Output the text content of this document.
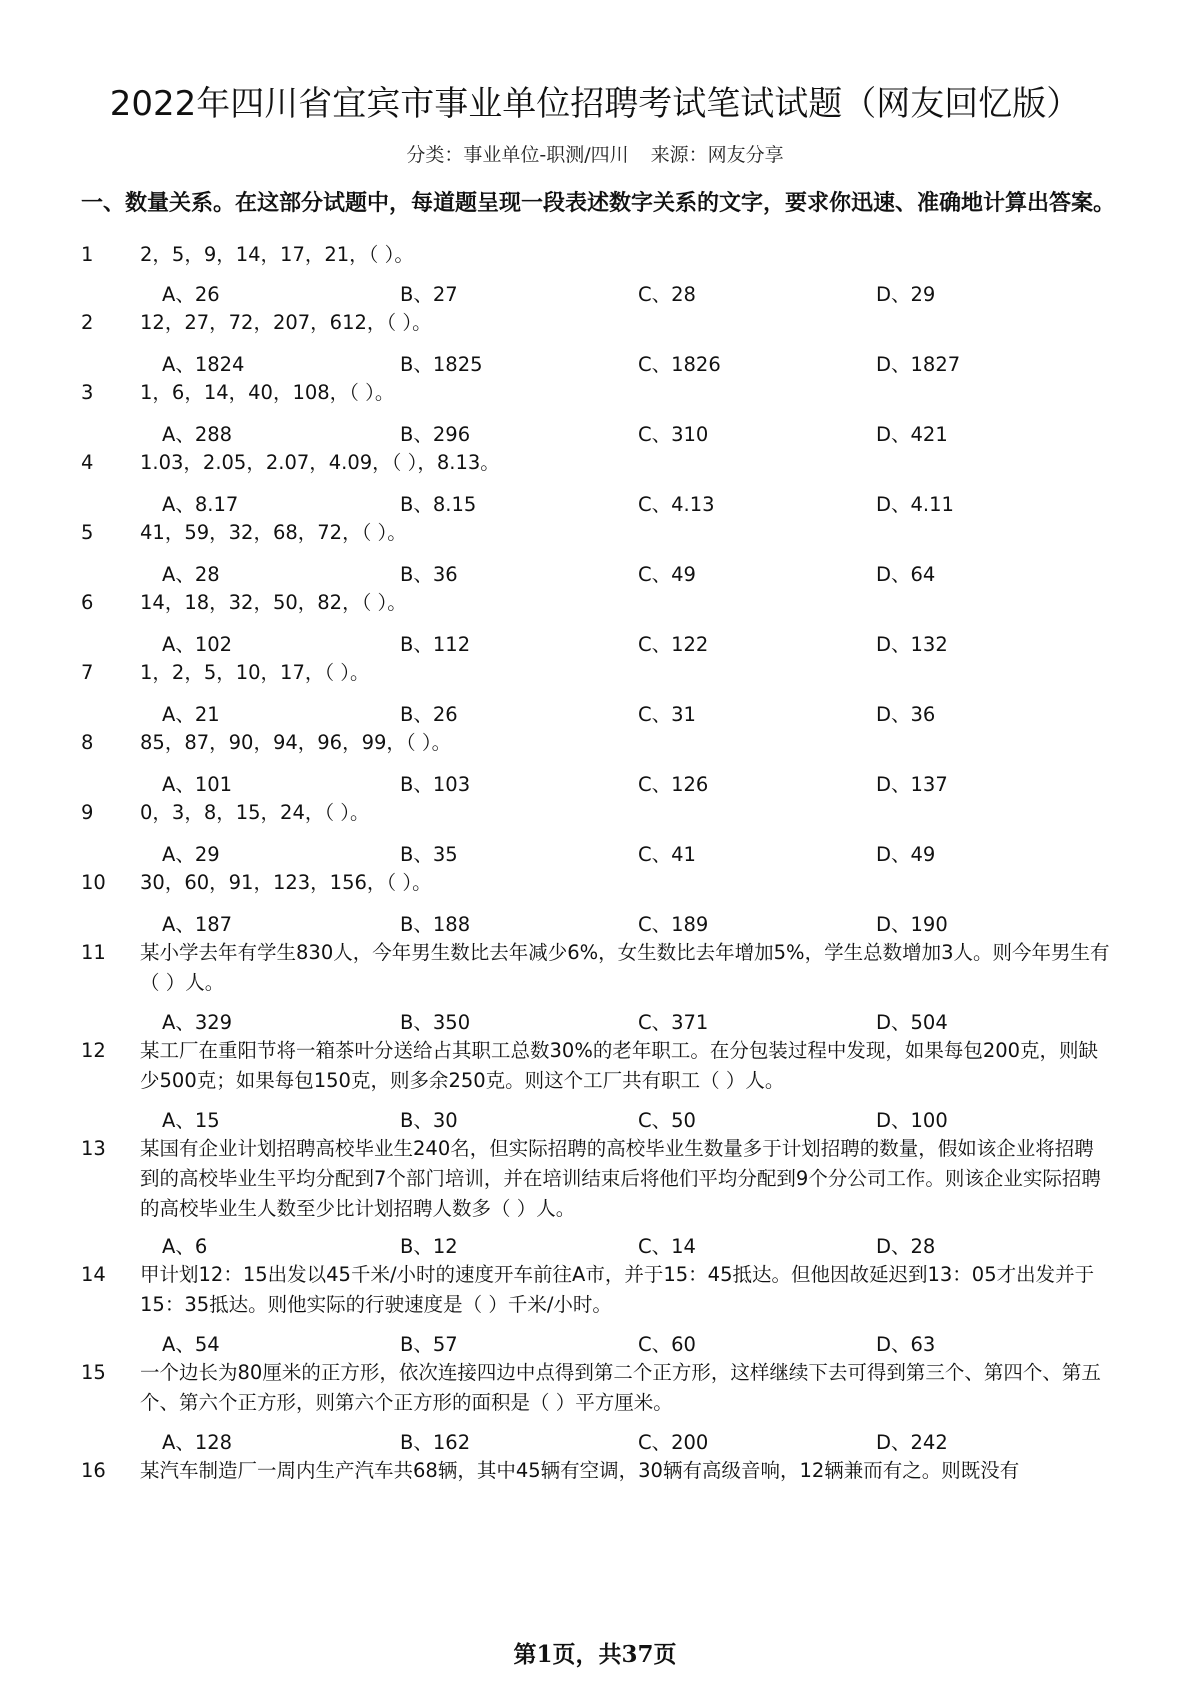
2022年四川省宜宾市事业单位招聘考试笔试试题（网友回忆版）
分类：事业单位-职测/四川 来源：网友分享
一、数量关系。在这部分试题中，每道题呈现一段表述数字关系的文字，要求你迅速、准确地计算出答案。
1	2，5，9，14，17，21，（ ）。
A、26	B、27	C、28	D、29
2	12，27，72，207，612，（ ）。
A、1824	B、1825	C、1826	D、1827
3	1，6，14，40，108，（ ）。
A、288	B、296	C、310	D、421
4	1.03，2.05，2.07，4.09，（ ），8.13。
A、8.17	B、8.15	C、4.13	D、4.11
5	41，59，32，68，72，（ ）。
A、28	B、36	C、49	D、64
6	14，18，32，50，82，（ ）。
A、102	B、112	C、122	D、132
7	1，2，5，10，17，（ ）。
A、21	B、26	C、31	D、36
8	85，87，90，94，96，99，（ ）。
A、101	B、103	C、126	D、137
9	0，3，8，15，24，（ ）。
A、29	B、35	C、41	D、49
10	30，60，91，123，156，（ ）。
A、187	B、188	C、189	D、190
11	某小学去年有学生830人，今年男生数比去年减少6%，女生数比去年增加5%，学生总数增加3人。则今年男生有（ ）人。
A、329	B、350	C、371	D、504
12	某工厂在重阳节将一箱茶叶分送给占其职工总数30%的老年职工。在分包装过程中发现，如果每包200克，则缺少500克；如果每包150克，则多余250克。则这个工厂共有职工（ ）人。
A、15	B、30	C、50	D、100
13	某国有企业计划招聘高校毕业生240名，但实际招聘的高校毕业生数量多于计划招聘的数量，假如该企业将招聘到的高校毕业生平均分配到7个部门培训，并在培训结束后将他们平均分配到9个分公司工作。则该企业实际招聘的高校毕业生人数至少比计划招聘人数多（ ）人。
A、6	B、12	C、14	D、28
14	甲计划12：15出发以45千米/小时的速度开车前往A市，并于15：45抵达。但他因故延迟到13：05才出发并于15：35抵达。则他实际的行驶速度是（ ）千米/小时。
A、54	B、57	C、60	D、63
15	一个边长为80厘米的正方形，依次连接四边中点得到第二个正方形，这样继续下去可得到第三个、第四个、第五个、第六个正方形，则第六个正方形的面积是（ ）平方厘米。
A、128	B、162	C、200	D、242
16	某汽车制造厂一周内生产汽车共68辆，其中45辆有空调，30辆有高级音响，12辆兼而有之。则既没有
第1页，共37页
